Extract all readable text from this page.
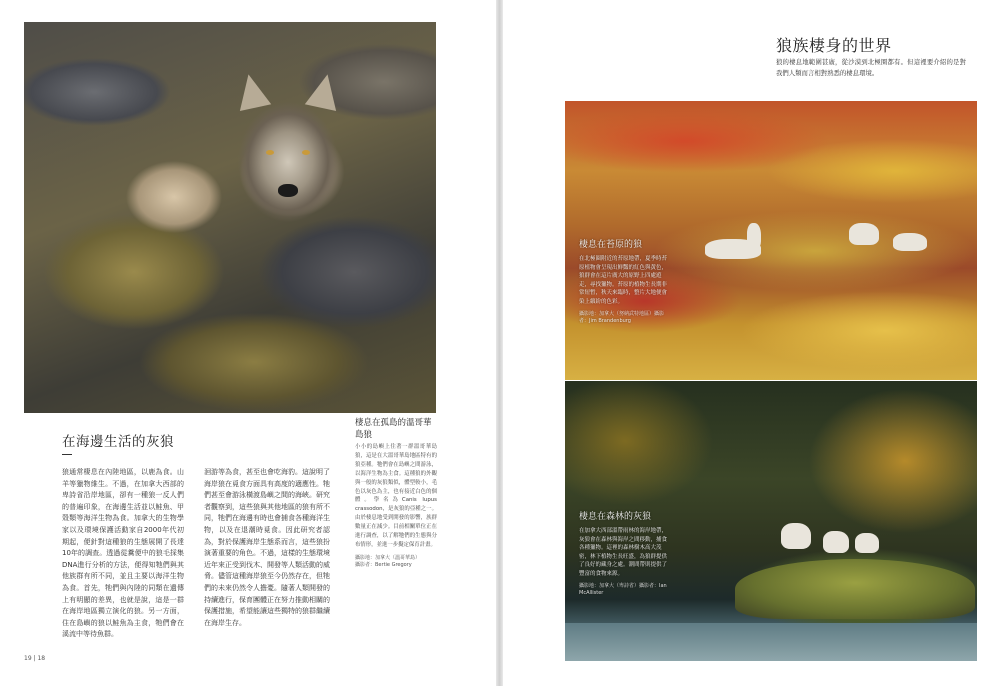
在海邊生活的灰狼

狼通常棲息在內陸地區，以鹿為食。山羊等獵物維生。不過，在加拿大西部的卑詩省沿岸地區，卻有一種狼一反人們的普遍印象，在海邊生活並以鮭魚、甲殼類等海洋生物為食。加拿大的生物學家以及環境保護活動家自2000年代初期起，便針對這種狼的生態展開了長達10年的調查。透過從糞便中的狼毛採集DNA進行分析的方法，便得知牠們與其他族群有所不同，並且主要以海洋生物為食。首先，牠們與內陸的同類在遺傳上有明顯的差異，也就是說，這是一群在海岸地區獨立演化的狼。另一方面，住在島嶼的狼以鮭魚為主食，牠們會在溪流中等待魚群。

洄游等為食，甚至也會吃海豹。這說明了海岸狼在覓食方面具有高度的適應性。牠們甚至會游泳橫渡島嶼之間的海峽。研究者觀察到，這些狼與其他地區的狼有所不同，牠們在海邊有時也會捕食各種海洋生物，以及在退潮時覓食。因此研究者認為，對於保護海岸生態系而言，這些狼扮演著重要的角色。不過，這樣的生態環境近年來正受到伐木、開發等人類活動的威脅。儘管這種海岸狼至今仍然存在，但牠們的未來仍然令人擔憂。隨著人類開發的持續進行，保育團體正在努力推動相關的保護措施，希望能讓這些獨特的狼群繼續在海岸生存。

棲息在孤島的溫哥華島狼
小小的島嶼上住著一群溫哥華島狼，這是在大溫哥華島地區特有的狼亞種。牠們會在島嶼之間游泳，以海洋生物為主食。這種狼的外觀與一般的灰狼類似，體型較小，毛色以灰色為主，也有接近白色的個體。學名為Canis lupus crassodon，是灰狼的亞種之一。由於棲息地受到開發的影響，族群數量正在減少。目前相關單位正在進行調查，以了解牠們的生態與分布情形，並進一步擬定保育計畫。
攝影地：加拿大（溫哥華島）
攝影者：Bertie Gregory
19 | 18
狼族棲身的世界

狼的棲息地範圍甚廣，從沙漠到北極圈都有。但這裡要介紹的是對我們人類而言相對熟悉的棲息環境。

棲息在苔原的狼
在北極圈附近的苔原地帶，夏季時苔原植物會呈現出鮮豔的紅色與黃色，狼群會在這片廣大的原野上四處遊走，尋找獵物。苔原的植物生長期非常短暫，秋天來臨時，整片大地便會染上繽紛的色彩。
攝影地：加拿大（努納武特地區）攝影者：Jim Brandenburg
棲息在森林的灰狼
在加拿大西部溫帶雨林的海岸地帶，灰狼會在森林與海岸之間移動，捕食各種獵物。這裡的森林樹木高大茂密，林下植物生長旺盛，為狼群提供了良好的藏身之處。潮間帶則提供了豐富的食物來源。
攝影地：加拿大（卑詩省）攝影者：Ian McAllister
